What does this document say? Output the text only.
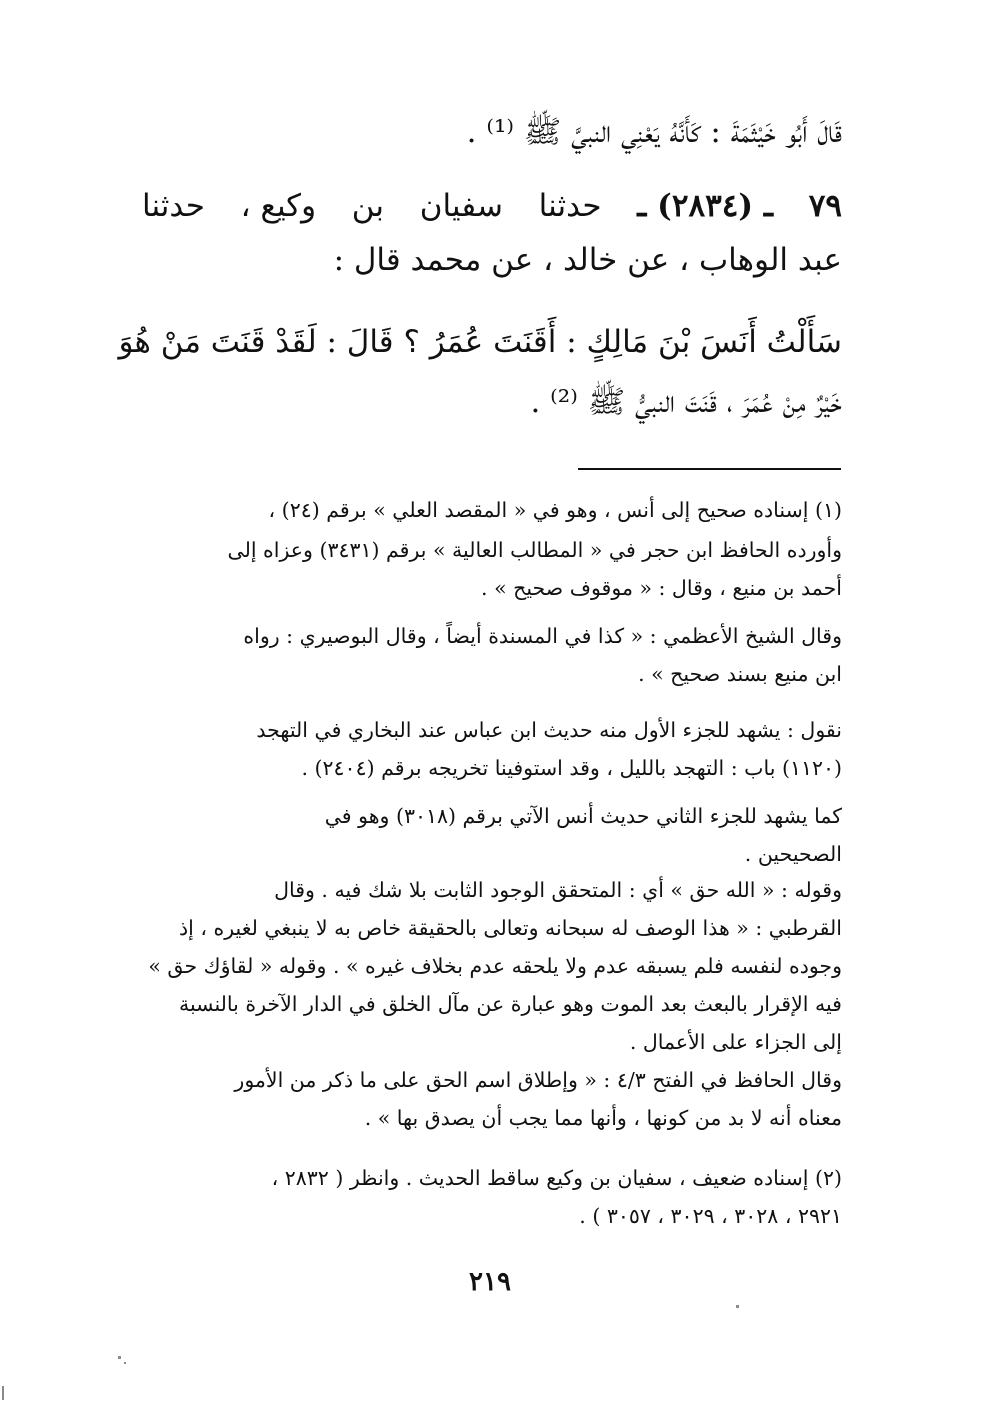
قَالَ أَبُو خَيْثَمَةَ : كَأَنَّهُ يَعْنِي النبيَّ ﷺ ⁽¹⁾ .

٧٩
ـ (٢٨٣٤) ـ
حدثنا
سفيان
بن
وكيع ،
حدثنا

عبد الوهاب ، عن خالد ، عن محمد قال :

سَأَلْتُ أَنَسَ بْنَ مَالِكٍ : أَقَنَتَ عُمَرُ ؟ قَالَ : لَقَدْ قَنَتَ مَنْ هُوَ

خَيْرٌ مِنْ عُمَرَ ، قَنَتَ النبيُّ ﷺ ⁽²⁾ .

(١) إسناده صحيح إلى أنس ، وهو في « المقصد العلي » برقم (٢٤) ،

وأورده الحافظ ابن حجر في « المطالب العالية » برقم (٣٤٣١) وعزاه إلى

أحمد بن منيع ، وقال : « موقوف صحيح » .

وقال الشيخ الأعظمي : « كذا في المسندة أيضاً ، وقال البوصيري : رواه

ابن منيع بسند صحيح » .

نقول : يشهد للجزء الأول منه حديث ابن عباس عند البخاري في التهجد

(١١٢٠) باب : التهجد بالليل ، وقد استوفينا تخريجه برقم (٢٤٠٤) .

كما يشهد للجزء الثاني حديث أنس الآتي برقم (٣٠١٨) وهو في

الصحيحين .

وقوله : « الله حق » أي : المتحقق الوجود الثابت بلا شك فيه . وقال

القرطبي : « هذا الوصف له سبحانه وتعالى بالحقيقة خاص به لا ينبغي لغيره ، إذ

وجوده لنفسه فلم يسبقه عدم ولا يلحقه عدم بخلاف غيره » . وقوله « لقاؤك حق »

فيه الإقرار بالبعث بعد الموت وهو عبارة عن مآل الخلق في الدار الآخرة بالنسبة

إلى الجزاء على الأعمال .

وقال الحافظ في الفتح ٤/٣ : « وإطلاق اسم الحق على ما ذكر من الأمور

معناه أنه لا بد من كونها ، وأنها مما يجب أن يصدق بها » .

(٢) إسناده ضعيف ، سفيان بن وكيع ساقط الحديث . وانظر ( ٢٨٣٢ ،

٢٩٢١ ، ٣٠٢٨ ، ٣٠٢٩ ، ٣٠٥٧ ) .

٢١٩
